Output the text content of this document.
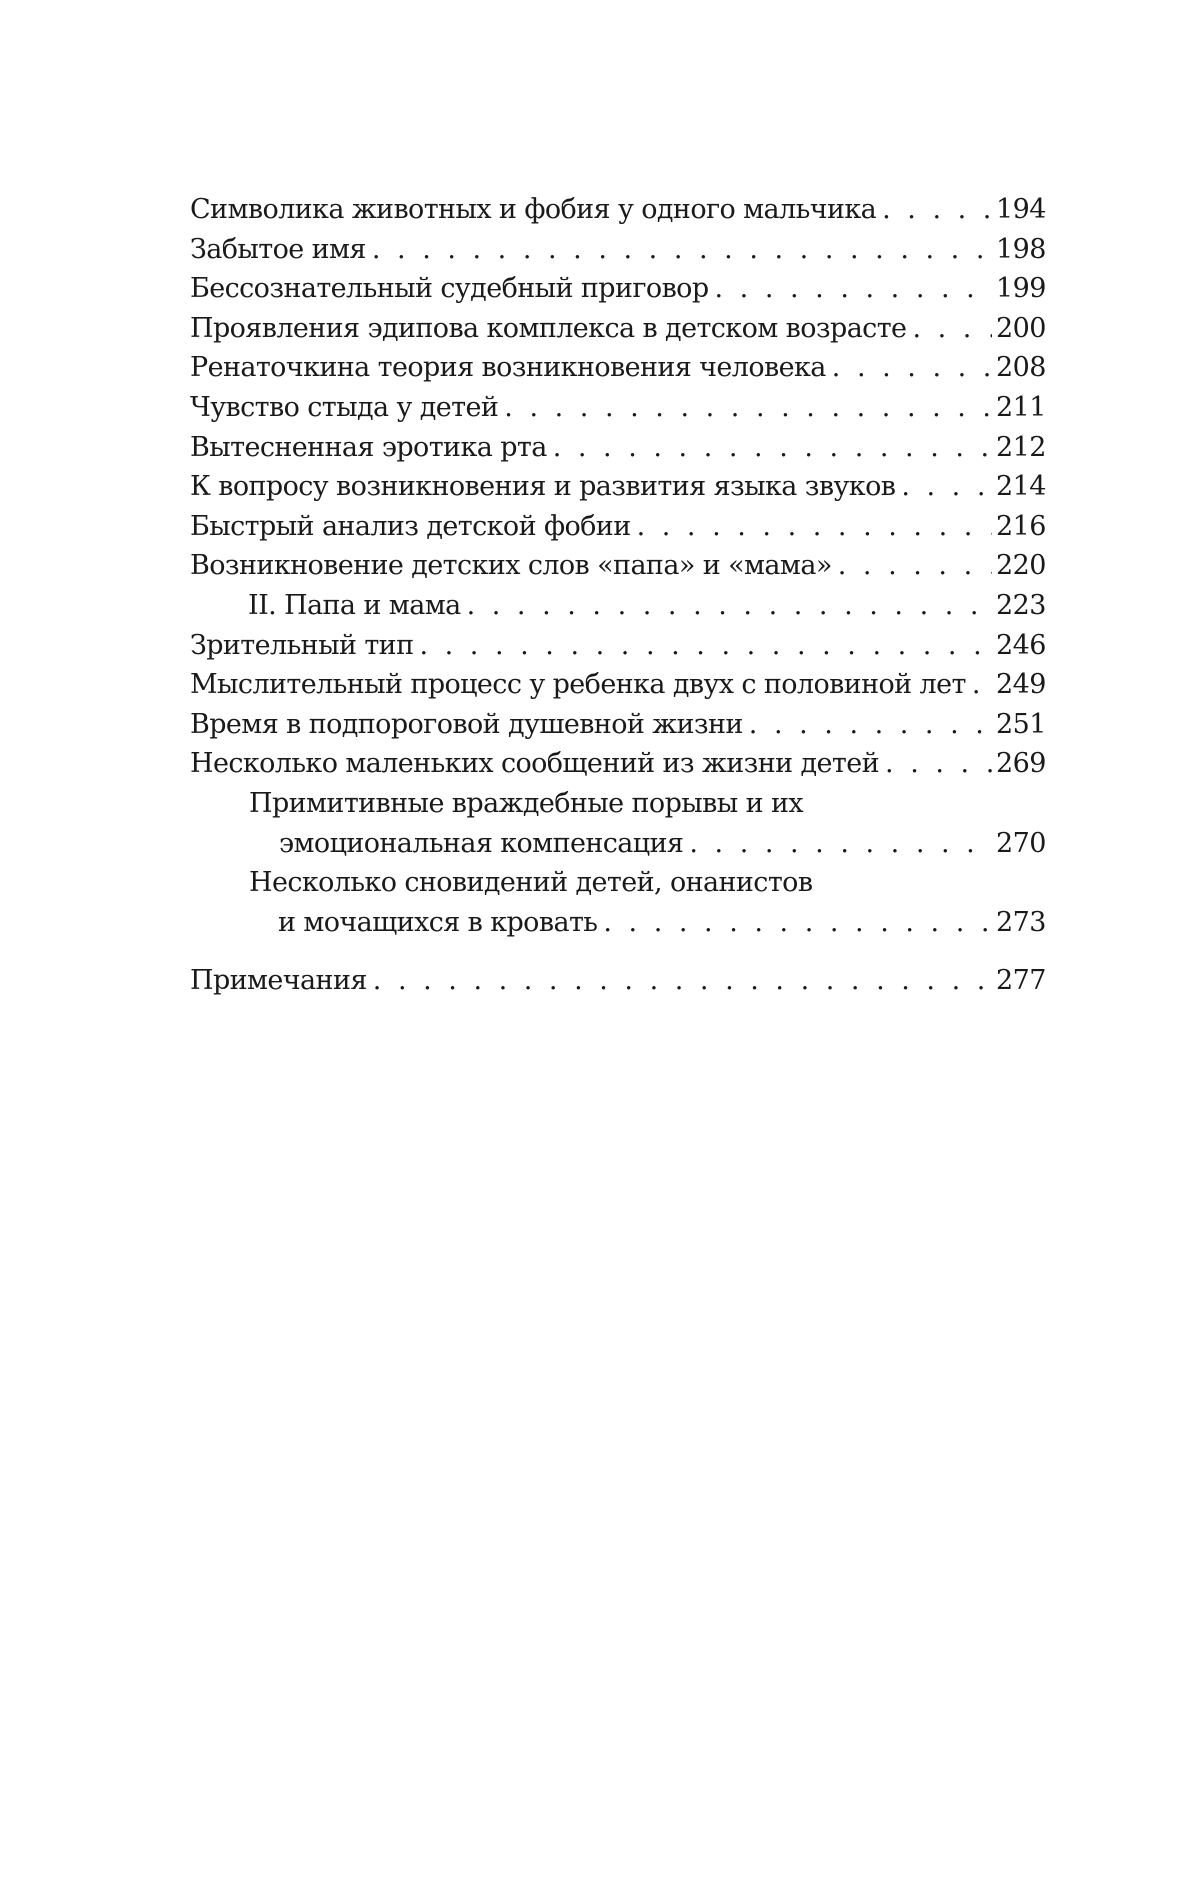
Символика животных и фобия у одного мальчика . . .	194
Забытое имя . . .	198
Бессознательный судебный приговор . . .	199
Проявления эдипова комплекса в детском возрасте . . .	200
Ренаточкина теория возникновения человека . . .	208
Чувство стыда у детей . . .	211
Вытесненная эротика рта . . .	212
К вопросу возникновения и развития языка звуков . . .	214
Быстрый анализ детской фобии . . .	216
Возникновение детских слов «папа» и «мама» . . .	220
II. Папа и мама . . .	223
Зрительный тип . . .	246
Мыслительный процесс у ребенка двух с половиной лет . . . 249
Время в подпороговой душевной жизни . . .	251
Несколько маленьких сообщений из жизни детей . . .	269
Примитивные враждебные порывы и их
эмоциональная компенсация . . .	270
Несколько сновидений детей, онанистов
и мочащихся в кровать . . .	273
Примечания . . .	277
